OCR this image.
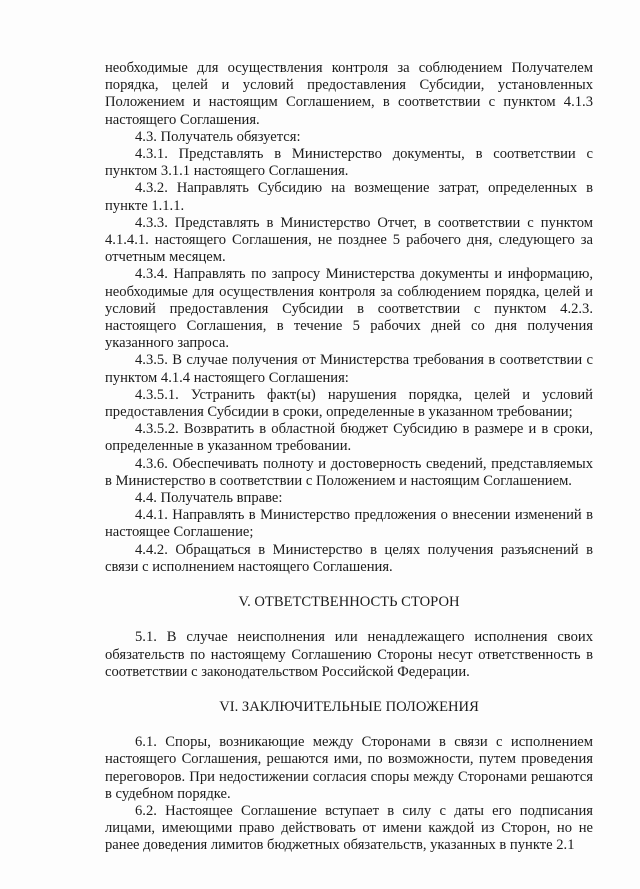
необходимые для осуществления контроля за соблюдением Получателем порядка, целей и условий предоставления Субсидии, установленных Положением и настоящим Соглашением, в соответствии с пунктом 4.1.3 настоящего Соглашения.

4.3. Получатель обязуется:

4.3.1. Представлять в Министерство документы, в соответствии с пунктом 3.1.1 настоящего Соглашения.

4.3.2. Направлять Субсидию на возмещение затрат, определенных в пункте 1.1.1.

4.3.3. Представлять в Министерство Отчет, в соответствии с пунктом 4.1.4.1. настоящего Соглашения, не позднее 5 рабочего дня, следующего за отчетным месяцем.

4.3.4. Направлять по запросу Министерства документы и информацию, необходимые для осуществления контроля за соблюдением порядка, целей и условий предоставления Субсидии в соответствии с пунктом 4.2.3. настоящего Соглашения, в течение 5 рабочих дней со дня получения указанного запроса.

4.3.5. В случае получения от Министерства требования в соответствии с пунктом 4.1.4 настоящего Соглашения:

4.3.5.1. Устранить факт(ы) нарушения порядка, целей и условий предоставления Субсидии в сроки, определенные в указанном требовании;

4.3.5.2. Возвратить в областной бюджет Субсидию в размере и в сроки, определенные в указанном требовании.

4.3.6. Обеспечивать полноту и достоверность сведений, представляемых в Министерство в соответствии с Положением и настоящим Соглашением.

4.4. Получатель вправе:

4.4.1. Направлять в Министерство предложения о внесении изменений в настоящее Соглашение;

4.4.2. Обращаться в Министерство в целях получения разъяснений в связи с исполнением настоящего Соглашения.

V. ОТВЕТСТВЕННОСТЬ СТОРОН

5.1. В случае неисполнения или ненадлежащего исполнения своих обязательств по настоящему Соглашению Стороны несут ответственность в соответствии с законодательством Российской Федерации.

VI. ЗАКЛЮЧИТЕЛЬНЫЕ ПОЛОЖЕНИЯ

6.1. Споры, возникающие между Сторонами в связи с исполнением настоящего Соглашения, решаются ими, по возможности, путем проведения переговоров. При недостижении согласия споры между Сторонами решаются в судебном порядке.

6.2. Настоящее Соглашение вступает в силу с даты его подписания лицами, имеющими право действовать от имени каждой из Сторон, но не ранее доведения лимитов бюджетных обязательств, указанных в пункте 2.1
